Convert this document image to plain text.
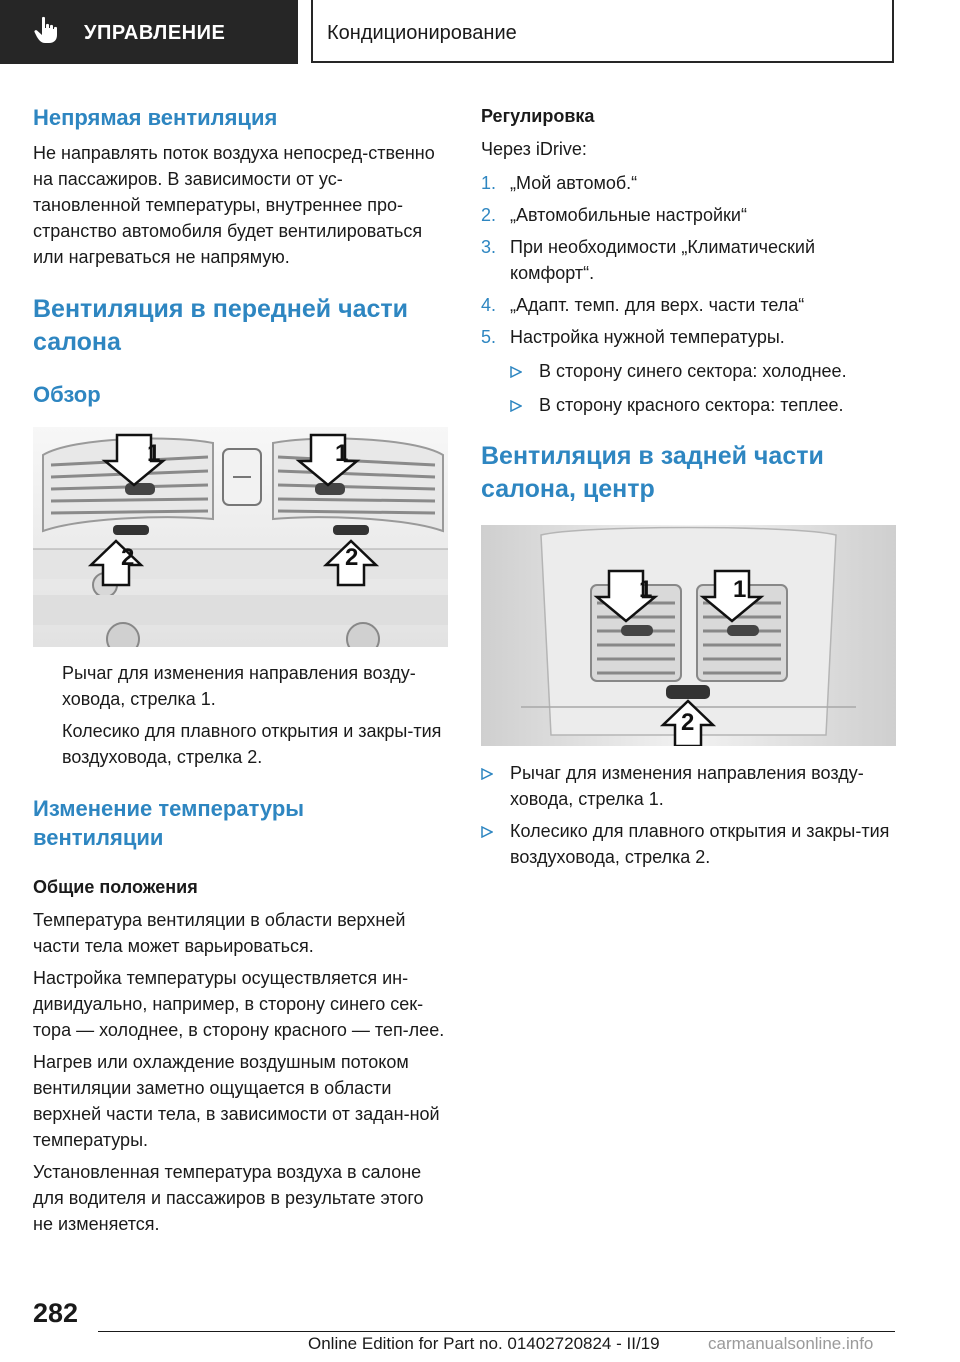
УПРАВЛЕНИЕ	Кондиционирование
Непрямая вентиляция

Не направлять поток воздуха непосред-ственно на пассажиров. В зависимости от ус-тановленной температуры, внутреннее про-странство автомобиля будет вентилироваться или нагреваться не напрямую.

Вентиляция в передней части
салона
Обзор
1	1
2	2
Рычаг для изменения направления возду-ховода, стрелка 1.
Колесико для плавного открытия и закры-тия воздуховода, стрелка 2.
Изменение температуры
вентиляции
Общие положения

Температура вентиляции в области верхней части тела может варьироваться.

Настройка температуры осуществляется ин-дивидуально, например, в сторону синего сек-тора — холоднее, в сторону красного — теп-лее.

Нагрев или охлаждение воздушным потоком вентиляции заметно ощущается в области верхней части тела, в зависимости от задан-ной температуры.

Установленная температура воздуха в салоне для водителя и пассажиров в результате этого не изменяется.

Регулировка

Через iDrive:

1. „Мой автомоб.“
2. „Автомобильные настройки“
3. При необходимости „Климатический комфорт“.
4. „Адапт. темп. для верх. части тела“
5. Настройка нужной температуры.
В сторону синего сектора: холоднее.
В сторону красного сектора: теплее.
Вентиляция в задней части
салона, центр
1	1
2
Рычаг для изменения направления возду-ховода, стрелка 1.
Колесико для плавного открытия и закры-тия воздуховода, стрелка 2.
282
Online Edition for Part no. 01402720824 - II/19	carmanualsonline.info
